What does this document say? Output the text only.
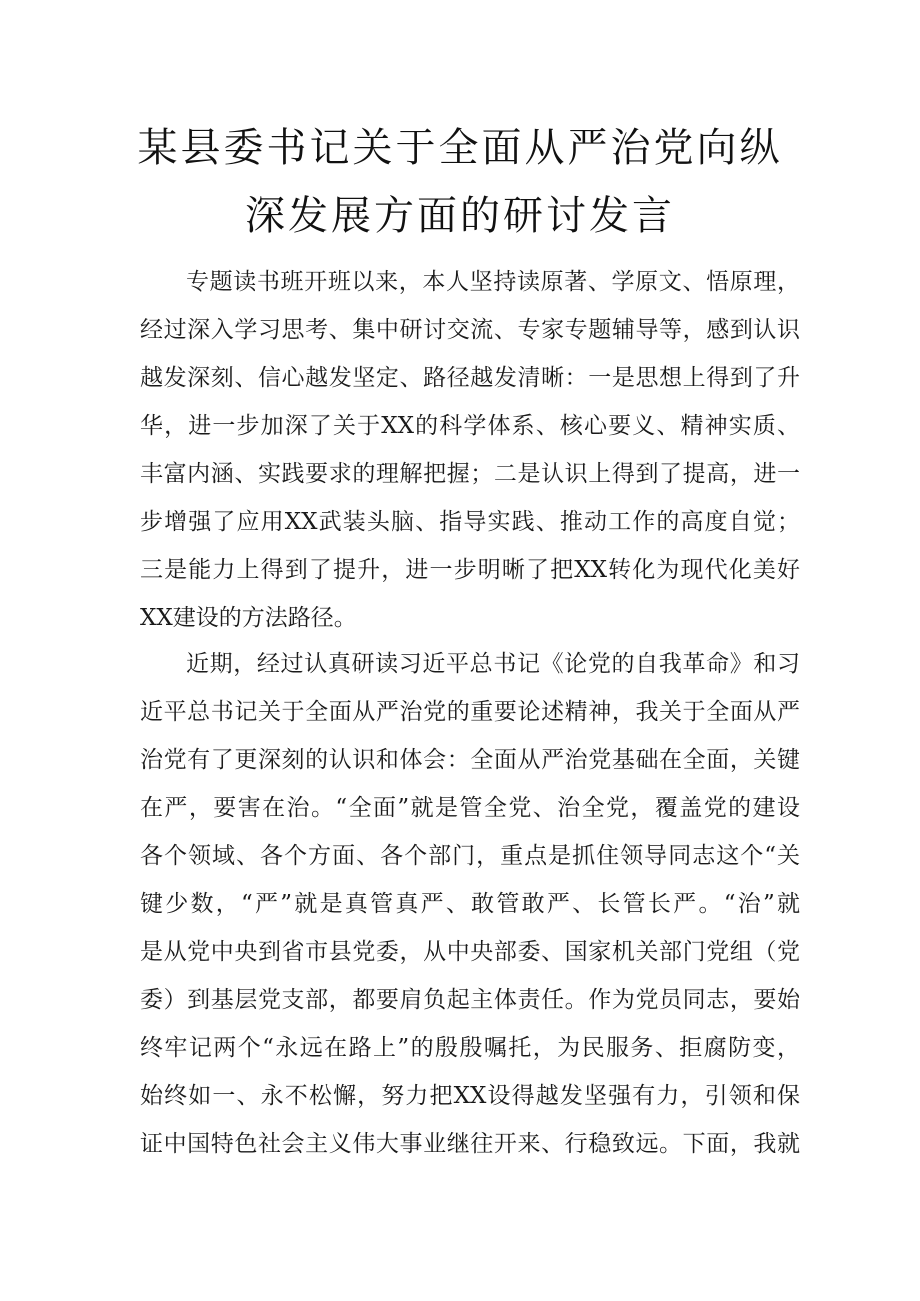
某县委书记关于全面从严治党向纵
深发展方面的研讨发言
专题读书班开班以来，本人坚持读原著、学原文、悟原理，
经过深入学习思考、集中研讨交流、专家专题辅导等，感到认识
越发深刻、信心越发坚定、路径越发清晰：一是思想上得到了升
华，进一步加深了关于XX的科学体系、核心要义、精神实质、
丰富内涵、实践要求的理解把握；二是认识上得到了提高，进一
步增强了应用XX武装头脑、指导实践、推动工作的高度自觉；
三是能力上得到了提升，进一步明晰了把XX转化为现代化美好
XX建设的方法路径。
近期，经过认真研读习近平总书记《论党的自我革命》和习
近平总书记关于全面从严治党的重要论述精神，我关于全面从严
治党有了更深刻的认识和体会：全面从严治党基础在全面，关键
在严，要害在治。“全面”就是管全党、治全党，覆盖党的建设
各个领域、各个方面、各个部门，重点是抓住领导同志这个“关
键少数，“严”就是真管真严、敢管敢严、长管长严。“治”就
是从党中央到省市县党委，从中央部委、国家机关部门党组（党
委）到基层党支部，都要肩负起主体责任。作为党员同志，要始
终牢记两个“永远在路上”的殷殷嘱托，为民服务、拒腐防变，
始终如一、永不松懈，努力把XX设得越发坚强有力，引领和保
证中国特色社会主义伟大事业继往开来、行稳致远。下面，我就
